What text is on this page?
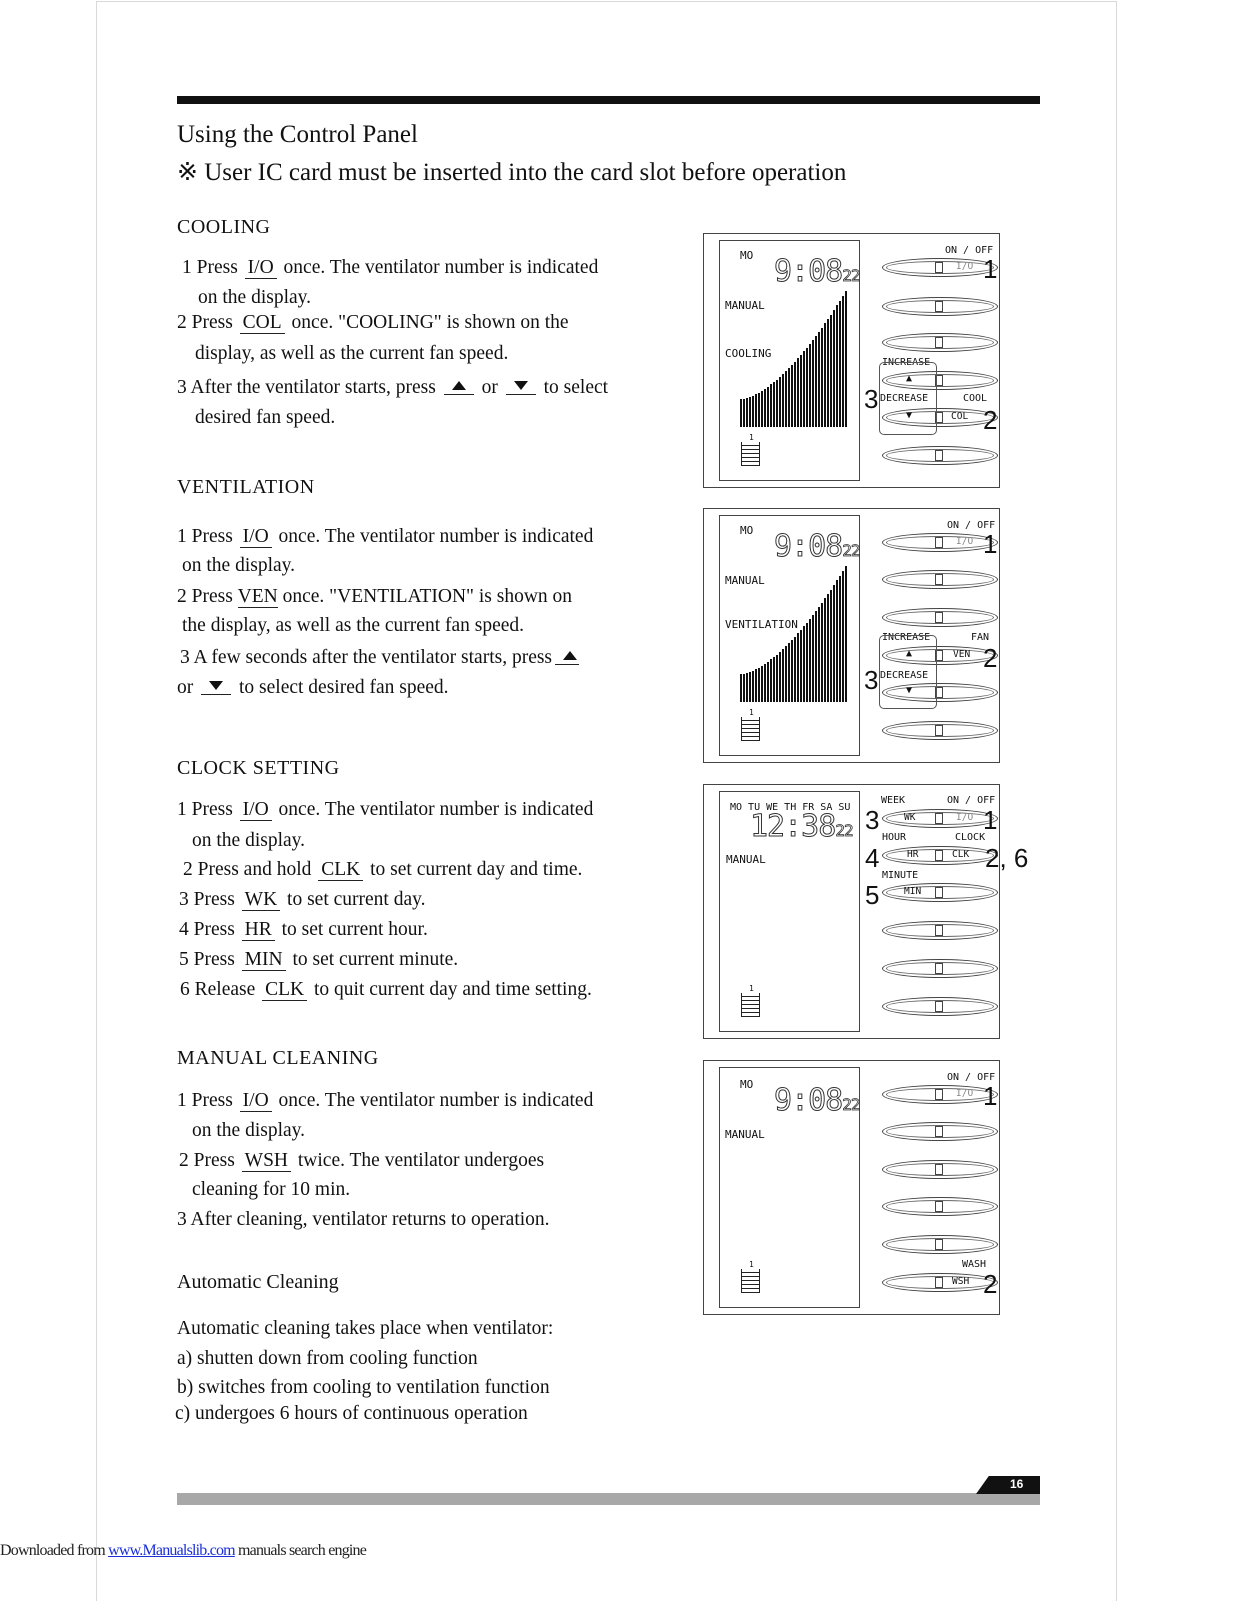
Using the Control Panel
※ User IC card must be inserted into the card slot before operation
COOLING
1 Press I/O once. The ventilator number is indicated
on the display.
2 Press COL once. "COOLING" is shown on the
display, as well as the current fan speed.
3 After the ventilator starts, press  or  to select
desired fan speed.
VENTILATION
1 Press I/O once. The ventilator number is indicated
on the display.
2 Press VEN once. "VENTILATION" is shown on
the display, as well as the current fan speed.
3 A few seconds after the ventilator starts, press
or  to select desired fan speed.
CLOCK SETTING
1 Press I/O once. The ventilator number is indicated
on the display.
2 Press and hold CLK to set current day and time.
3 Press WK to set current day.
4 Press HR to set current hour.
5 Press MIN to set current minute.
6 Release CLK to quit current day and time setting.
MANUAL CLEANING
1 Press I/O once. The ventilator number is indicated
on the display.
2 Press WSH twice. The ventilator undergoes
cleaning for 10 min.
3 After cleaning, ventilator returns to operation.
Automatic Cleaning
Automatic cleaning takes place when ventilator:
a) shutten down from cooling function
b) switches from cooling to ventilation function
c) undergoes 6 hours of continuous operation
MO 9:0822
MANUAL
COOLING
1
ON / OFF
I/O 1
INCREASE
▲
DECREASE	COOL
▼	COL 2
3
MO 9:0822
MANUAL
VENTILATION
1
ON / OFF
I/O 1
INCREASE	FAN
▲	VEN 2
DECREASE
▼
3
MO TU WE TH FR SA SU
12:3822
MANUAL
1
WEEK	ON / OFF
WK	I/O
3	1
HOUR	CLOCK
HR	CLK
4	2, 6
MINUTE
MIN
5
MO 9:0822
MANUAL
1
ON / OFF
I/O 1
WASH
WSH 2
16
Downloaded from www.Manualslib.com manuals search engine
